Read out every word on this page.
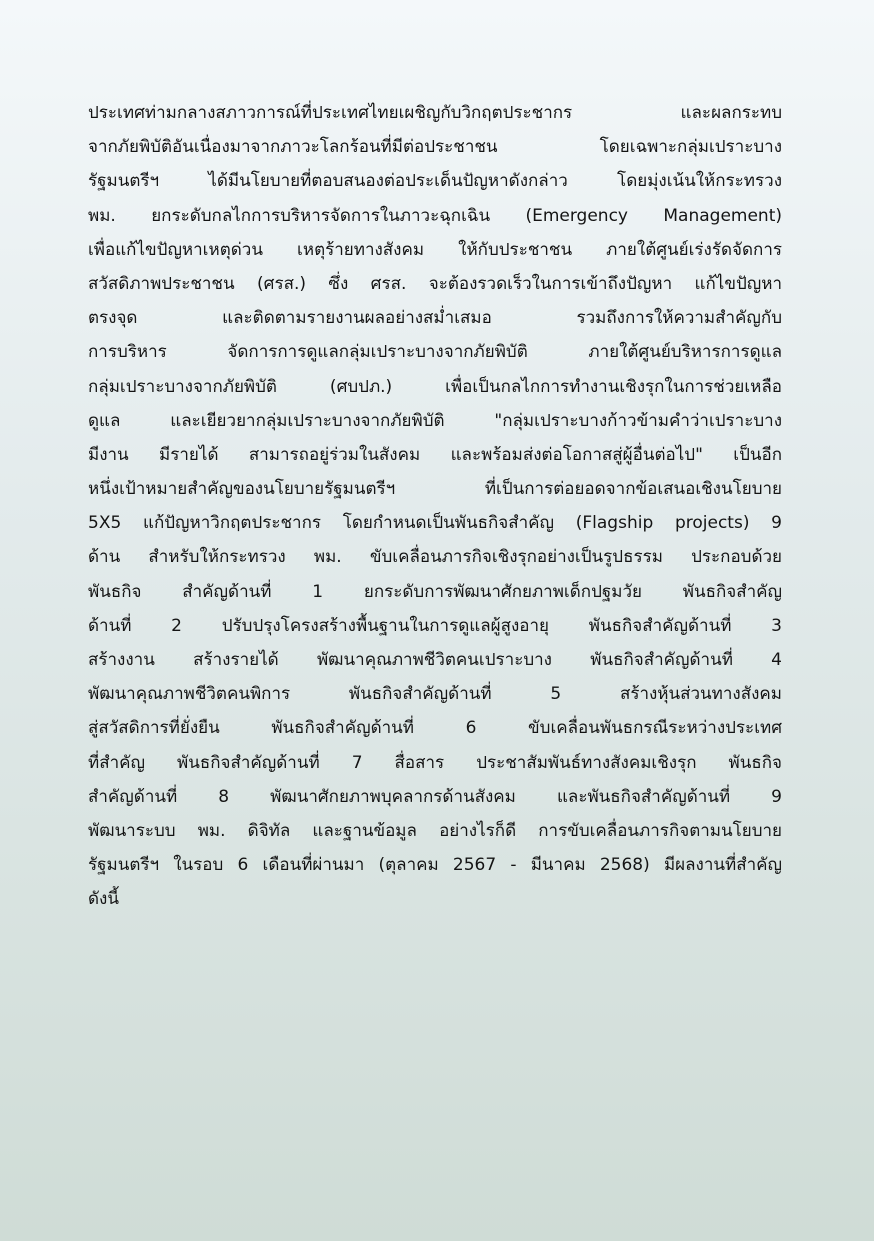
ประเทศท่ามกลางสภาวการณ์ที่ประเทศไทยเผชิญกับวิกฤตประชากร และผลกระทบ
จากภัยพิบัติอันเนื่องมาจากภาวะโลกร้อนที่มีต่อประชาชน โดยเฉพาะกลุ่มเปราะบาง
รัฐมนตรีฯ ได้มีนโยบายที่ตอบสนองต่อประเด็นปัญหาดังกล่าว โดยมุ่งเน้นให้กระทรวง
พม. ยกระดับกลไกการบริหารจัดการในภาวะฉุกเฉิน (Emergency Management)
เพื่อแก้ไขปัญหาเหตุด่วน เหตุร้ายทางสังคม ให้กับประชาชน ภายใต้ศูนย์เร่งรัดจัดการ
สวัสดิภาพประชาชน (ศรส.) ซึ่ง ศรส. จะต้องรวดเร็วในการเข้าถึงปัญหา แก้ไขปัญหา
ตรงจุด และติดตามรายงานผลอย่างสม่ำเสมอ รวมถึงการให้ความสำคัญกับ
การบริหาร จัดการการดูแลกลุ่มเปราะบางจากภัยพิบัติ ภายใต้ศูนย์บริหารการดูแล
กลุ่มเปราะบางจากภัยพิบัติ (ศบปภ.) เพื่อเป็นกลไกการทำงานเชิงรุกในการช่วยเหลือ
ดูแล และเยียวยากลุ่มเปราะบางจากภัยพิบัติ "กลุ่มเปราะบางก้าวข้ามคำว่าเปราะบาง
มีงาน มีรายได้ สามารถอยู่ร่วมในสังคม และพร้อมส่งต่อโอกาสสู่ผู้อื่นต่อไป" เป็นอีก
หนึ่งเป้าหมายสำคัญของนโยบายรัฐมนตรีฯ ที่เป็นการต่อยอดจากข้อเสนอเชิงนโยบาย
5X5 แก้ปัญหาวิกฤตประชากร โดยกำหนดเป็นพันธกิจสำคัญ (Flagship projects) 9
ด้าน สำหรับให้กระทรวง พม. ขับเคลื่อนภารกิจเชิงรุกอย่างเป็นรูปธรรม ประกอบด้วย
พันธกิจ สำคัญด้านที่ 1 ยกระดับการพัฒนาศักยภาพเด็กปฐมวัย พันธกิจสำคัญ
ด้านที่ 2 ปรับปรุงโครงสร้างพื้นฐานในการดูแลผู้สูงอายุ พันธกิจสำคัญด้านที่ 3
สร้างงาน สร้างรายได้ พัฒนาคุณภาพชีวิตคนเปราะบาง พันธกิจสำคัญด้านที่ 4
พัฒนาคุณภาพชีวิตคนพิการ พันธกิจสำคัญด้านที่ 5 สร้างหุ้นส่วนทางสังคม
สู่สวัสดิการที่ยั่งยืน พันธกิจสำคัญด้านที่ 6 ขับเคลื่อนพันธกรณีระหว่างประเทศ
ที่สำคัญ พันธกิจสำคัญด้านที่ 7 สื่อสาร ประชาสัมพันธ์ทางสังคมเชิงรุก พันธกิจ
สำคัญด้านที่ 8 พัฒนาศักยภาพบุคลากรด้านสังคม และพันธกิจสำคัญด้านที่ 9
พัฒนาระบบ พม. ดิจิทัล และฐานข้อมูล อย่างไรก็ดี การขับเคลื่อนภารกิจตามนโยบาย
รัฐมนตรีฯ ในรอบ 6 เดือนที่ผ่านมา (ตุลาคม 2567 - มีนาคม 2568) มีผลงานที่สำคัญ
ดังนี้
